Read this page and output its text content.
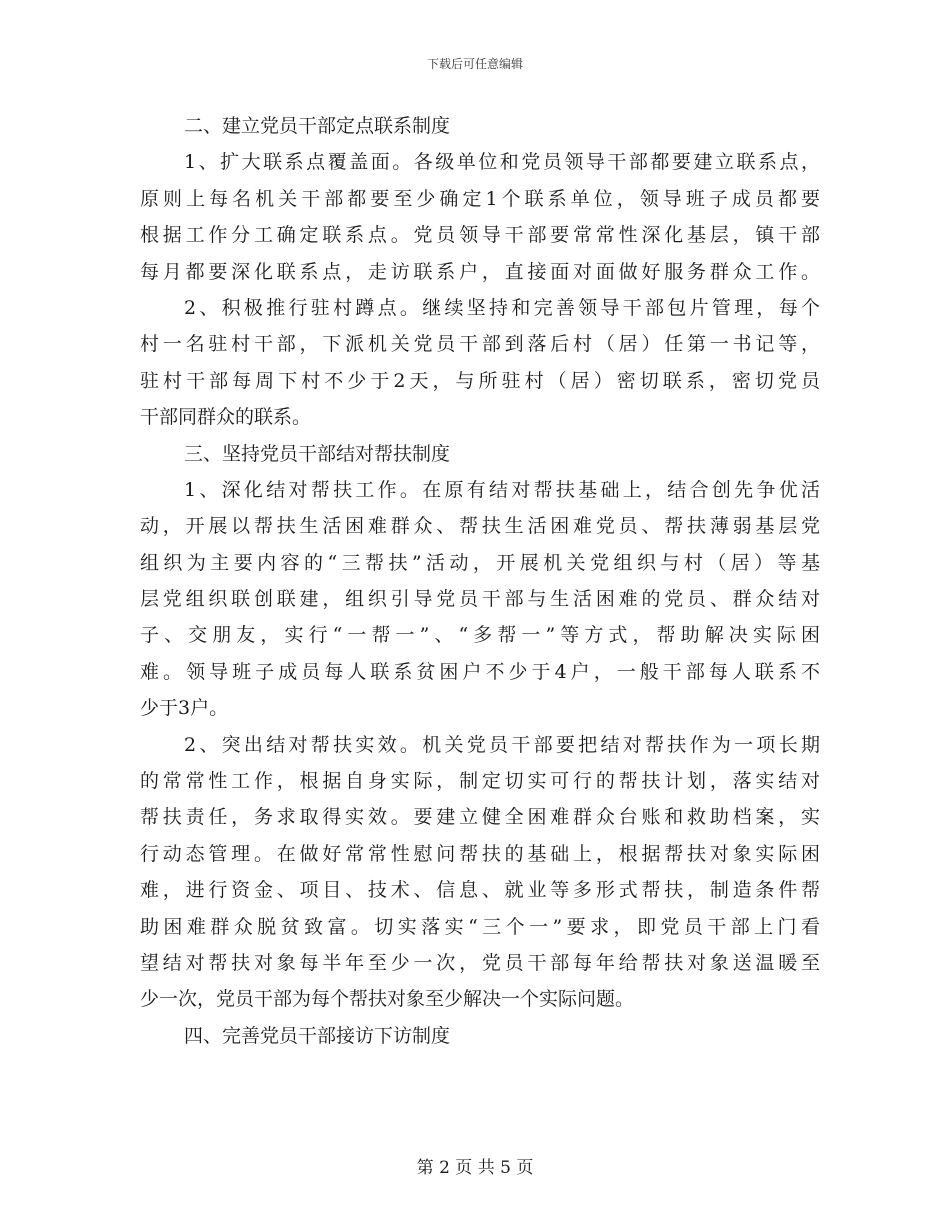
下载后可任意编辑
二、建立党员干部定点联系制度
1、扩大联系点覆盖面。各级单位和党员领导干部都要建立联系点，
原则上每名机关干部都要至少确定1个联系单位，领导班子成员都要
根据工作分工确定联系点。党员领导干部要常常性深化基层，镇干部
每月都要深化联系点，走访联系户，直接面对面做好服务群众工作。
2、积极推行驻村蹲点。继续坚持和完善领导干部包片管理，每个
村一名驻村干部，下派机关党员干部到落后村（居）任第一书记等，
驻村干部每周下村不少于2天，与所驻村（居）密切联系，密切党员
干部同群众的联系。
三、坚持党员干部结对帮扶制度
1、深化结对帮扶工作。在原有结对帮扶基础上，结合创先争优活
动，开展以帮扶生活困难群众、帮扶生活困难党员、帮扶薄弱基层党
组织为主要内容的“三帮扶”活动，开展机关党组织与村（居）等基
层党组织联创联建，组织引导党员干部与生活困难的党员、群众结对
子、交朋友，实行“一帮一”、“多帮一”等方式，帮助解决实际困
难。领导班子成员每人联系贫困户不少于4户，一般干部每人联系不
少于3户。
2、突出结对帮扶实效。机关党员干部要把结对帮扶作为一项长期
的常常性工作，根据自身实际，制定切实可行的帮扶计划，落实结对
帮扶责任，务求取得实效。要建立健全困难群众台账和救助档案，实
行动态管理。在做好常常性慰问帮扶的基础上，根据帮扶对象实际困
难，进行资金、项目、技术、信息、就业等多形式帮扶，制造条件帮
助困难群众脱贫致富。切实落实“三个一”要求，即党员干部上门看
望结对帮扶对象每半年至少一次，党员干部每年给帮扶对象送温暖至
少一次，党员干部为每个帮扶对象至少解决一个实际问题。
四、完善党员干部接访下访制度
第 2 页 共 5 页
